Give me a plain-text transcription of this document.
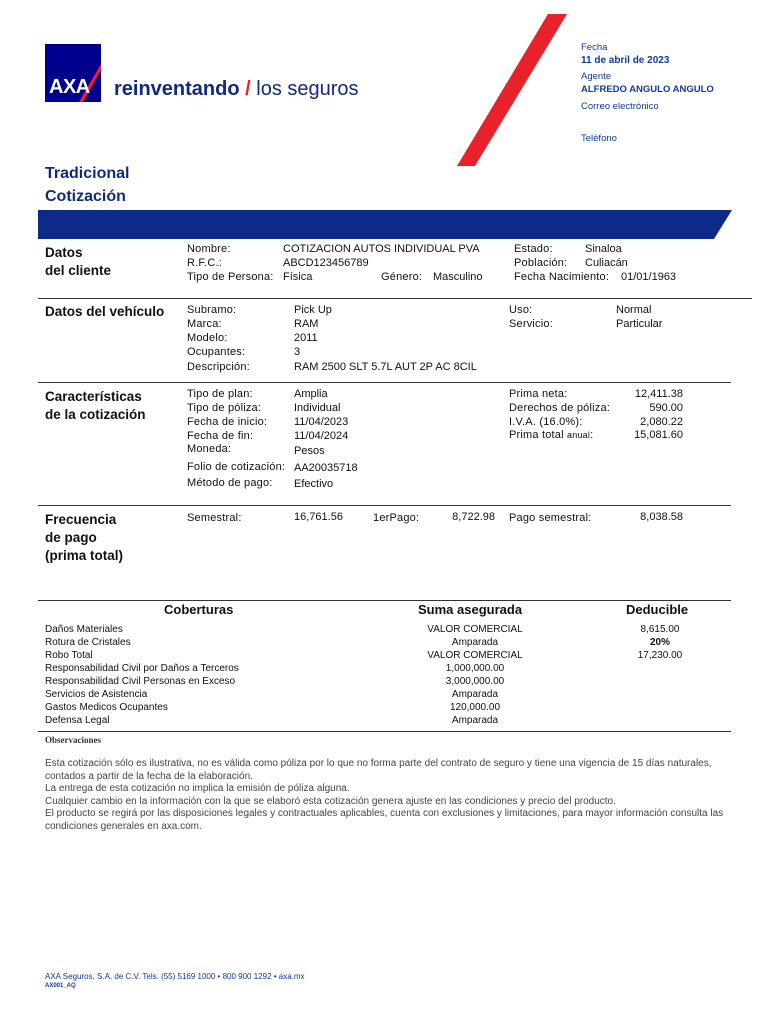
AXA reinventando / los seguros
Fecha
11 de abril de 2023
Agente
ALFREDO ANGULO ANGULO
Correo electrónico
Teléfono
Tradicional
Cotización
Datos
del cliente
Nombre:	COTIZACION AUTOS INDIVIDUAL PVA
R.F.C.:	ABCD123456789
Tipo de Persona: Física	Género: Masculino
Estado:	Sinaloa
Población: Culiacán
Fecha Nacimiento: 01/01/1963
Datos del vehículo Subramo:	Pick Up
Marca:	RAM
Modelo:	2011
Ocupantes:	3
Descripción:	RAM 2500 SLT 5.7L AUT 2P AC 8CIL
Uso:	Normal
Servicio:	Particular
Características
de la cotización
Tipo de plan:	Amplia
Tipo de póliza:	Individual
Fecha de inicio: 11/04/2023
Fecha de fin:	11/04/2024
Moneda:	Pesos
Folio de cotización: AA20035718
Método de pago: Efectivo
Prima neta:	12,411.38
Derechos de póliza:	590.00
I.V.A. (16.0%):	2,080.22
Prima total anual:	15,081.60
Frecuencia
de pago
(prima total)
Semestral:	16,761.56	1erPago:	8,722.98 Pago semestral:	8,038.58
Coberturas	Suma asegurada	Deducible
Daños Materiales	VALOR COMERCIAL	8,615.00
Rotura de Cristales	Amparada	20%
Robo Total	VALOR COMERCIAL	17,230.00
Responsabilidad Civil por Daños a Terceros	1,000,000.00
Responsabilidad Civil Personas en Exceso	3,000,000.00
Servicios de Asistencia	Amparada
Gastos Medicos Ocupantes	120,000.00
Defensa Legal	Amparada
Observaciones
Esta cotización sólo es ilustrativa, no es válida como póliza por lo que no forma parte del contrato de seguro y tiene una vigencia de 15 días naturales,
contados a partir de la fecha de la elaboración.
La entrega de esta cotización no implica la emisión de póliza alguna.
Cualquier cambio en la información con la que se elaboró esta cotización genera ajuste en las condiciones y precio del producto.
El producto se regirá por las disposiciones legales y contractuales aplicables, cuenta con exclusiones y limitaciones, para mayor información consulta las
condiciones generales en axa.com.
AXA Seguros, S.A. de C.V. Tels. (55) 5169 1000 • 800 900 1292 • axa.mx
AX001_AQ
